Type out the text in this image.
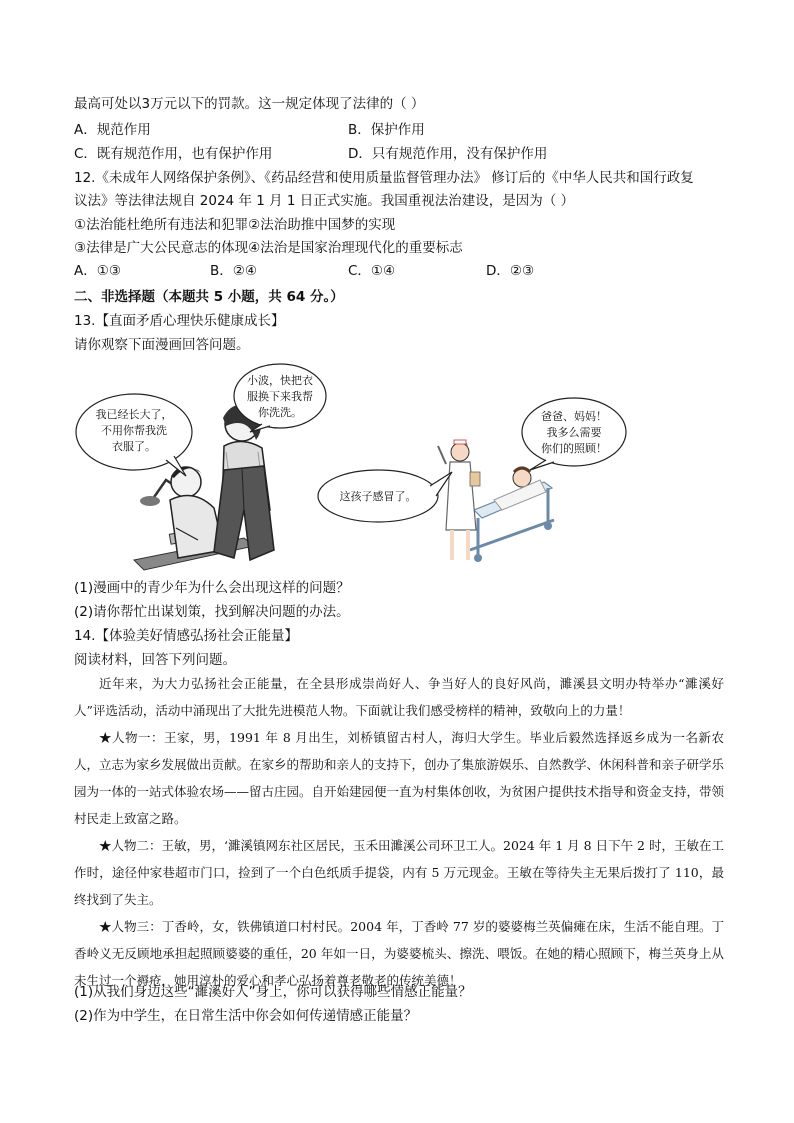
最高可处以3万元以下的罚款。这一规定体现了法律的（ ）
A．规范作用	B．保护作用
C．既有规范作用，也有保护作用	D．只有规范作用，没有保护作用
12.《未成年人网络保护条例》、《药品经营和使用质量监督管理办法》 修订后的《中华人民共和国行政复
议法》等法律法规自 2024 年 1 月 1 日正式实施。我国重视法治建设，是因为（ ）
①法治能杜绝所有违法和犯罪②法治助推中国梦的实现
③法律是广大公民意志的体现④法治是国家治理现代化的重要标志
A．①③	B．②④	C．①④	D．②③
二、非选择题（本题共 5 小题，共 64 分。）
13.【直面矛盾心理快乐健康成长】
请你观察下面漫画回答问题。
我已经长大了，
不用你帮我洗
衣服了。
小波，快把衣
服换下来我帮
你洗洗。
这孩子感冒了。
爸爸、妈妈！
我多么需要
你们的照顾！
(1)漫画中的青少年为什么会出现这样的问题？
(2)请你帮忙出谋划策，找到解决问题的办法。
14.【体验美好情感弘扬社会正能量】
阅读材料，回答下列问题。

近年来，为大力弘扬社会正能量，在全县形成崇尚好人、争当好人的良好风尚，濉溪县文明办特举办“濉溪好人”评选活动，活动中涌现出了大批先进模范人物。下面就让我们感受榜样的精神，致敬向上的力量！

★人物一：王家，男，1991 年 8 月出生，刘桥镇留古村人，海归大学生。毕业后毅然选择返乡成为一名新农人，立志为家乡发展做出贡献。在家乡的帮助和亲人的支持下，创办了集旅游娱乐、自然教学、休闲科普和亲子研学乐园为一体的一站式体验农场——留古庄园。自开始建园便一直为村集体创收，为贫困户提供技术指导和资金支持，带领村民走上致富之路。

★人物二：王敏，男，‘濉溪镇网东社区居民，玉禾田濉溪公司环卫工人。2024 年 1 月 8 日下午 2 时，王敏在工作时，途径仲家巷超市门口，捡到了一个白色纸质手提袋，内有 5 万元现金。王敏在等待失主无果后拨打了 110，最终找到了失主。

★人物三：丁香岭，女，铁佛镇道口村村民。2004 年，丁香岭 77 岁的婆婆梅兰英偏瘫在床，生活不能自理。丁香岭义无反顾地承担起照顾婆婆的重任，20 年如一日，为婆婆梳头、擦洗、喂饭。在她的精心照顾下，梅兰英身上从未生过一个褥疮，她用淳朴的爱心和孝心弘扬着尊老敬老的传统美德！

(1)从我们身边这些“濉溪好人”身上，你可以获得哪些情感正能量？
(2)作为中学生，在日常生活中你会如何传递情感正能量？
